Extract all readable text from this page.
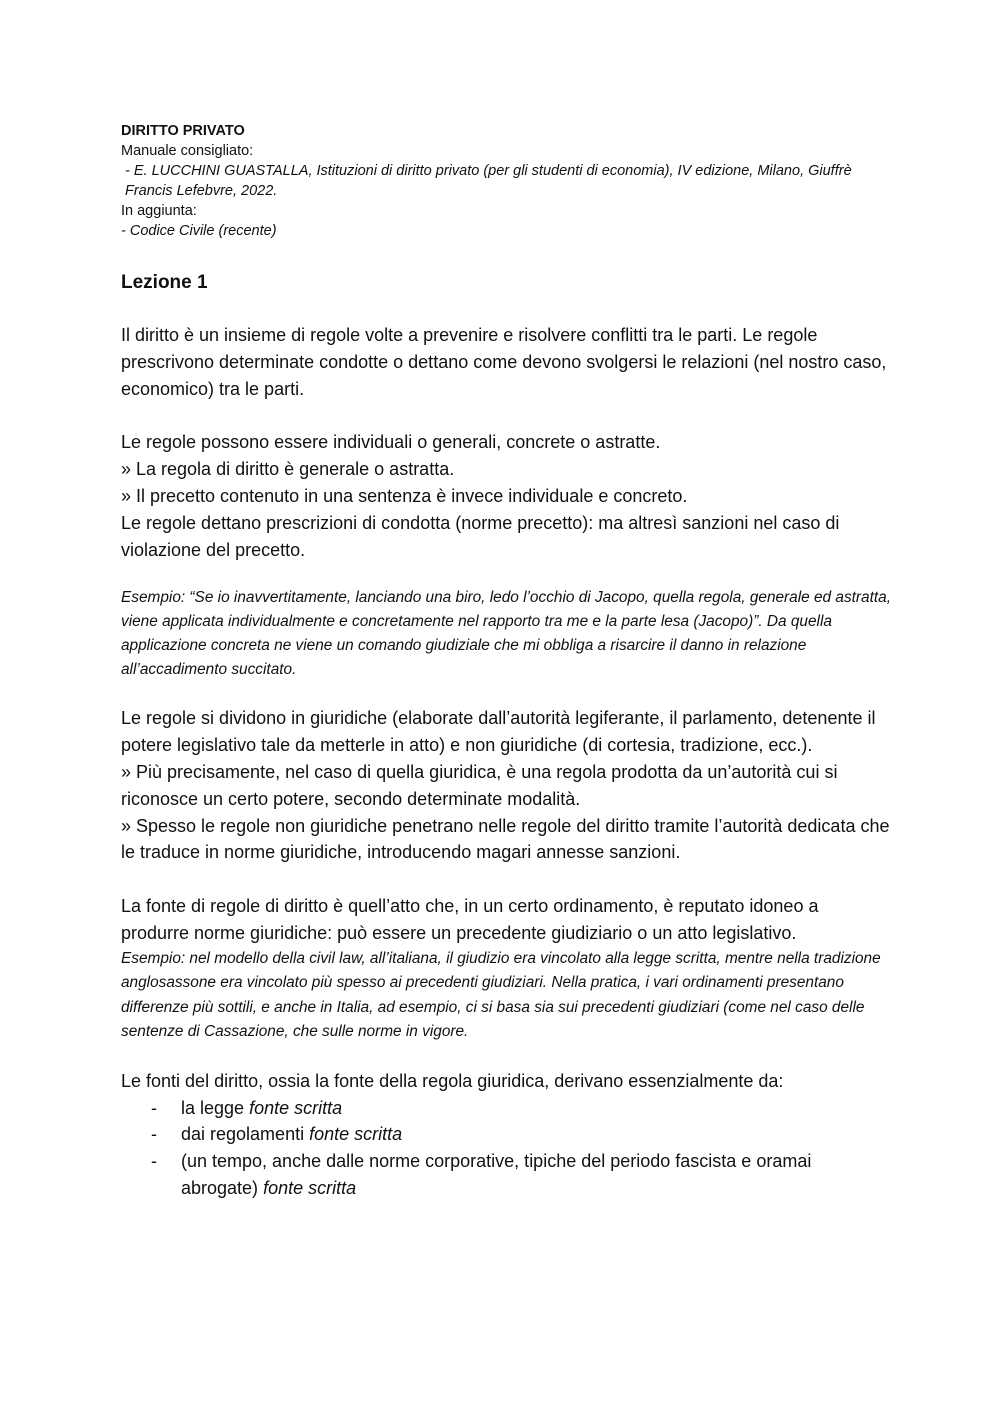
DIRITTO PRIVATO
Manuale consigliato:
- E. LUCCHINI GUASTALLA, Istituzioni di diritto privato (per gli studenti di economia), IV edizione, Milano, Giuffrè Francis Lefebvre, 2022.
In aggiunta:
- Codice Civile (recente)
Lezione 1

Il diritto è un insieme di regole volte a prevenire e risolvere conflitti tra le parti. Le regole prescrivono determinate condotte o dettano come devono svolgersi le relazioni (nel nostro caso, economico) tra le parti.

Le regole possono essere individuali o generali, concrete o astratte.
» La regola di diritto è generale o astratta.
» Il precetto contenuto in una sentenza è invece individuale e concreto.
Le regole dettano prescrizioni di condotta (norme precetto): ma altresì sanzioni nel caso di violazione del precetto.

Esempio: “Se io inavvertitamente, lanciando una biro, ledo l’occhio di Jacopo, quella regola, generale ed astratta, viene applicata individualmente e concretamente nel rapporto tra me e la parte lesa (Jacopo)”. Da quella applicazione concreta ne viene un comando giudiziale che mi obbliga a risarcire il danno in relazione all’accadimento succitato.

Le regole si dividono in giuridiche (elaborate dall’autorità legiferante, il parlamento, detenente il potere legislativo tale da metterle in atto) e non giuridiche (di cortesia, tradizione, ecc.).
» Più precisamente, nel caso di quella giuridica, è una regola prodotta da un’autorità cui si riconosce un certo potere, secondo determinate modalità.
» Spesso le regole non giuridiche penetrano nelle regole del diritto tramite l’autorità dedicata che le traduce in norme giuridiche, introducendo magari annesse sanzioni.

La fonte di regole di diritto è quell’atto che, in un certo ordinamento, è reputato idoneo a produrre norme giuridiche: può essere un precedente giudiziario o un atto legislativo.

Esempio: nel modello della civil law, all’italiana, il giudizio era vincolato alla legge scritta, mentre nella tradizione anglosassone era vincolato più spesso ai precedenti giudiziari. Nella pratica, i vari ordinamenti presentano differenze più sottili, e anche in Italia, ad esempio, ci si basa sia sui precedenti giudiziari (come nel caso delle sentenze di Cassazione, che sulle norme in vigore.

Le fonti del diritto, ossia la fonte della regola giuridica, derivano essenzialmente da:

- la legge fonte scritta
- dai regolamenti fonte scritta
- (un tempo, anche dalle norme corporative, tipiche del periodo fascista e oramai abrogate) fonte scritta
